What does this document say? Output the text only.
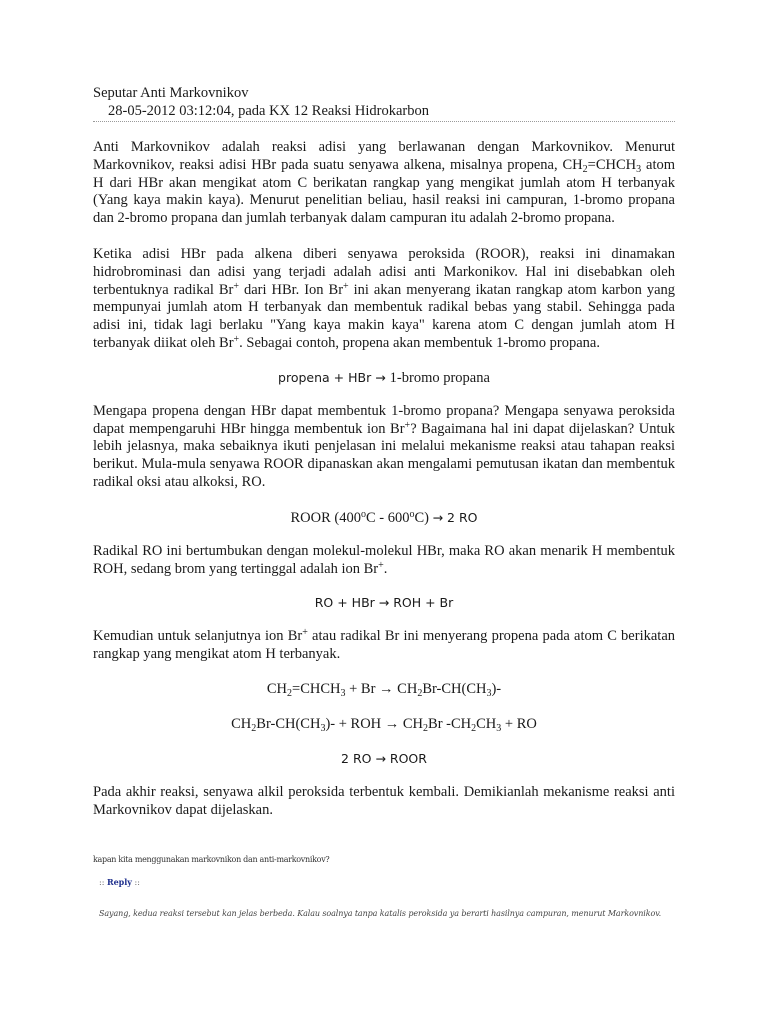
Seputar Anti Markovnikov
28-05-2012 03:12:04, pada KX 12 Reaksi Hidrokarbon

Anti Markovnikov adalah reaksi adisi yang berlawanan dengan Markovnikov. Menurut Markovnikov, reaksi adisi HBr pada suatu senyawa alkena, misalnya propena, $CH_2=CHCH_3$ atom H dari HBr akan mengikat atom C berikatan rangkap yang mengikat jumlah atom H terbanyak (Yang kaya makin kaya). Menurut penelitian beliau, hasil reaksi ini campuran, 1-bromo propana dan 2-bromo propana dan jumlah terbanyak dalam campuran itu adalah 2-bromo propana.

Ketika adisi HBr pada alkena diberi senyawa peroksida (ROOR), reaksi ini dinamakan hidrobrominasi dan adisi yang terjadi adalah adisi anti Markonikov. Hal ini disebabkan oleh terbentuknya radikal Br+ dari HBr. Ion Br+ ini akan menyerang ikatan rangkap atom karbon yang mempunyai jumlah atom H terbanyak dan membentuk radikal bebas yang stabil. Sehingga pada adisi ini, tidak lagi berlaku "Yang kaya makin kaya" karena atom C dengan jumlah atom H terbanyak diikat oleh Br+. Sebagai contoh, propena akan membentuk 1-bromo propana.

propena + HBr → 1-bromo propana

Mengapa propena dengan HBr dapat membentuk 1-bromo propana? Mengapa senyawa peroksida dapat mempengaruhi HBr hingga membentuk ion Br+? Bagaimana hal ini dapat dijelaskan? Untuk lebih jelasnya, maka sebaiknya ikuti penjelasan ini melalui mekanisme reaksi atau tahapan reaksi berikut. Mula-mula senyawa ROOR dipanaskan akan mengalami pemutusan ikatan dan membentuk radikal oksi atau alkoksi, RO.

ROOR $(400^oC - 600^oC) \to 2$ RO

Radikal RO ini bertumbukan dengan molekul-molekul HBr, maka RO akan menarik H membentuk ROH, sedang brom yang tertinggal adalah ion Br+.

RO + HBr → ROH + Br

Kemudian untuk selanjutnya ion Br+ atau radikal Br ini menyerang propena pada atom C berikatan rangkap yang mengikat atom H terbanyak.

$CH_2=CHCH_3 + Br \to CH_2Br-CH(CH_3)-$
$CH_2Br-CH(CH_3)-$ + ROH → $CH_2Br$ $-CH_2CH_3$ + RO
2 RO → ROOR

Pada akhir reaksi, senyawa alkil peroksida terbentuk kembali. Demikianlah mekanisme reaksi anti Markovnikov dapat dijelaskan.

kapan kita menggunakan markovnikon dan anti-markovnikov?
:: Reply ::
Sayang, kedua reaksi tersebut kan jelas berbeda. Kalau soalnya tanpa katalis peroksida ya berarti hasilnya campuran, menurut Markovnikov.
